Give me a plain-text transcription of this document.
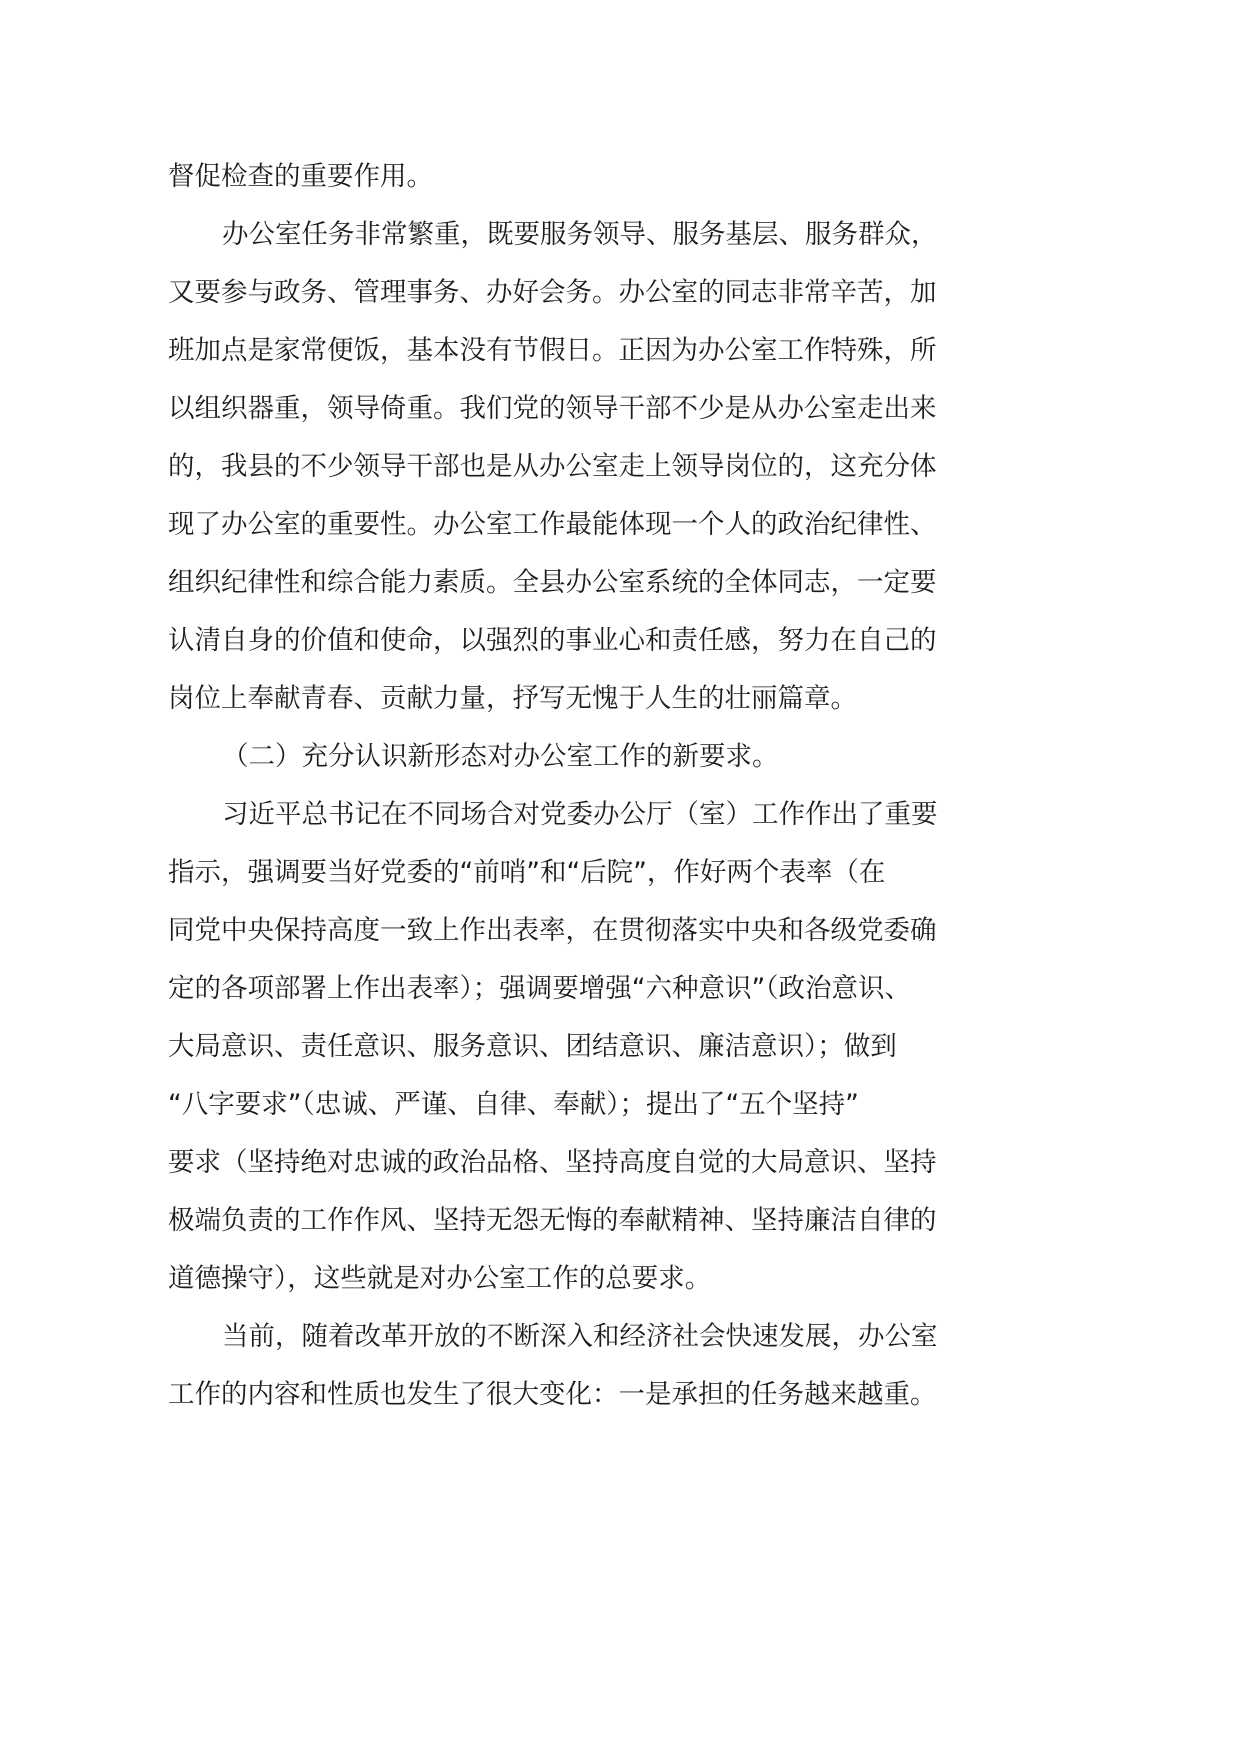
督促检查的重要作用。
办公室任务非常繁重，既要服务领导、服务基层、服务群众，
又要参与政务、管理事务、办好会务。办公室的同志非常辛苦，加
班加点是家常便饭，基本没有节假日。正因为办公室工作特殊，所
以组织器重，领导倚重。我们党的领导干部不少是从办公室走出来
的，我县的不少领导干部也是从办公室走上领导岗位的，这充分体
现了办公室的重要性。办公室工作最能体现一个人的政治纪律性、
组织纪律性和综合能力素质。全县办公室系统的全体同志，一定要
认清自身的价值和使命，以强烈的事业心和责任感，努力在自己的
岗位上奉献青春、贡献力量，抒写无愧于人生的壮丽篇章。
（二）充分认识新形态对办公室工作的新要求。
习近平总书记在不同场合对党委办公厅（室）工作作出了重要
指示，强调要当好党委的“前哨”和“后院”，作好两个表率（在
同党中央保持高度一致上作出表率，在贯彻落实中央和各级党委确
定的各项部署上作出表率）；强调要增强“六种意识”（政治意识、
大局意识、责任意识、服务意识、团结意识、廉洁意识）；做到
“八字要求”（忠诚、严谨、自律、奉献）；提出了“五个坚持”
要求（坚持绝对忠诚的政治品格、坚持高度自觉的大局意识、坚持
极端负责的工作作风、坚持无怨无悔的奉献精神、坚持廉洁自律的
道德操守），这些就是对办公室工作的总要求。
当前，随着改革开放的不断深入和经济社会快速发展，办公室
工作的内容和性质也发生了很大变化：一是承担的任务越来越重。
